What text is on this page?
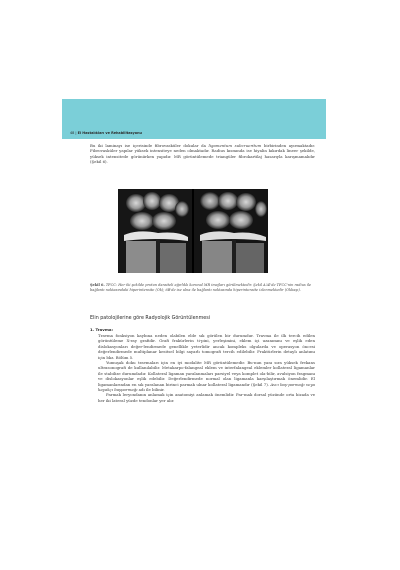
48 | El Hastalıkları ve Rehabilitasyonu

Bu iki laminayı ise içerisinde fibrovasküler dokular da ligamentum subcrueritum birbirinden ayırmaktadır. Fibrovasküler yapılar yüksek intensiteye neden olmaktadır. Radius kısmında ise hiyalin kıkırdak lineer şekilde, yüksek intensitede görünürken yapıdır. MR görüntülemede triangüler fibrokartilaj hasarıyla karışmamalıdır (Şekil 6).

Şekil 6. TFCC: Her iki şekilde proton dansiteli ağırlıklı koronal MR imajları görülmektedir. Şekil A'Al'de TFCC'nin radius ile bağlantı noktasındaki hiperintensite (Ok); 6B'de ise ulna ile bağlantı noktasında hiperintensite izlenmektedir (Okbaşı).
Elin patolojilerine göre Radyolojik Görüntülenmesi
1. Travma:

Travma fonksiyon kaybına neden olabilen elde sık görülen bir durumdur. Travma ile ilk tercih edilen görüntüleme X-ray grafidir. Grafi frakürlerin ti-pini, yerleşimini, eklem içi uzanımını ve eşlik eden dislokasyonları değer-lendirmede genellikle yeterlidir ancak kompleks olgularda ve operasyon öncesi değerlendirmede multiplanar kesitsel bilgi sayarlı tomografi tercih edilebilir. Fraktürlerin detaylı anlatımı için bkz. Bölüm 5.

Yumuşak doku travmaları için en iyi modalite MR görüntülemedir. Bu-nun yanı sıra yüksek frekans ultrasonografi de kullanılabilir. Metakarpo-falangeal eklem ve interfalangeal eklemler kollateral ligamanlar ile stabilize durumdadır. Kollateral ligaman yaralanmaları parsiyel veya komplet ola-bilir, avulsiyon fragmanı ve dislokasyonlar eşlik edebilir. Değerlendirmede normal olan ligamanla karşılaştırmak önemlidir. El ligamanlarından en sık yaralanan birinci parmak ulnar kollateral ligamandır (Şekil 7). Avcı baş-parmağı veya kayakçı başparmağı adı ile bilinir.

Parmak leryondanın anlamak için anatomiyi anlamak önemlidir. Par-mak dorsal yüzünde orta hizada ve her iki lateral yüzde tendonlar yer alır.
